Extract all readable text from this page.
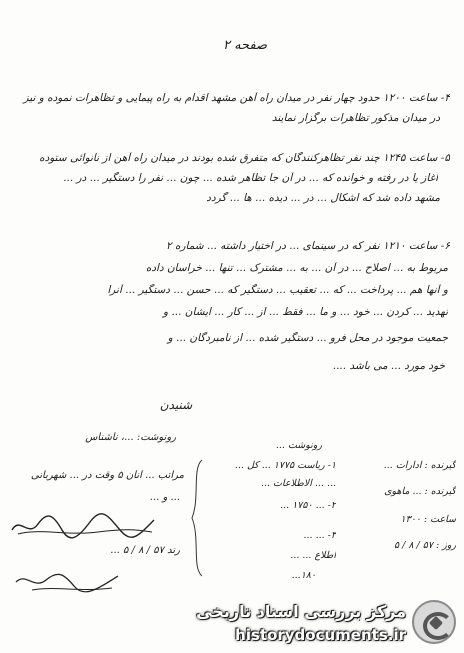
صفحه ۲
۴- ساعت ۱۲۰۰ حدود چهار نفر در میدان راه آهن مشهد اقدام به راه پیمایی و تظاهرات نموده و نیز
در میدان مذکور تظاهرات برگزار نمایند
۵- ساعت ۱۲۴۵ چند نفر تظاهرکنندگان که متفرق شده بودند در میدان راه آهن از نانوائی ستوده
آغاز یا در رفته و خوانده که ... در آن جا تظاهر شده ... چون ... نفر را دستگیر ... در ...
مشهد داده شد که اشکال ... در ... دیده ... ها ... گردد
۶- ساعت ۱۲۱۰ نفر که در سینمای ... در اختیار داشته ... شماره ۲
مربوط به ... اصلاح ... در آن ... به ... مشترک ... تنها ... خراسان داده
و آنها هم ... پرداخت ... که ... تعقیب ... دستگیر که ... حسن ... دستگیر ... آنرا
تهدید ... کردن ... خود ... و ما ... فقط ... از ... کار ... ایشان ... و
جمعیت موجود در محل فرو ... دستگیر شده ... از نامبردگان ... و
خود مورد ... می باشد ....
شنیدن
رونوشت: ...، ناشناس
مراتب ... آنان ۵ وقت در ... شهربانی
... و ...
رند ۵۷ / ۸ / ۵ ...
رونوشت ...
۱- ریاست ۱۷۷۵ ... کل ...
... ... الاطلاعات ...
۲- ... ۱۷۵۰ ...
۳- ... ...
اطلاع ... ...
۱۸۰...
گیرنده : ادارات ...
گیرنده : ... ماهوی
ساعت : ۱۳۰۰
روز : ۵۷ / ۸ / ۵
مرکز بررسی اسناد تاریخی
historydocuments.ir
